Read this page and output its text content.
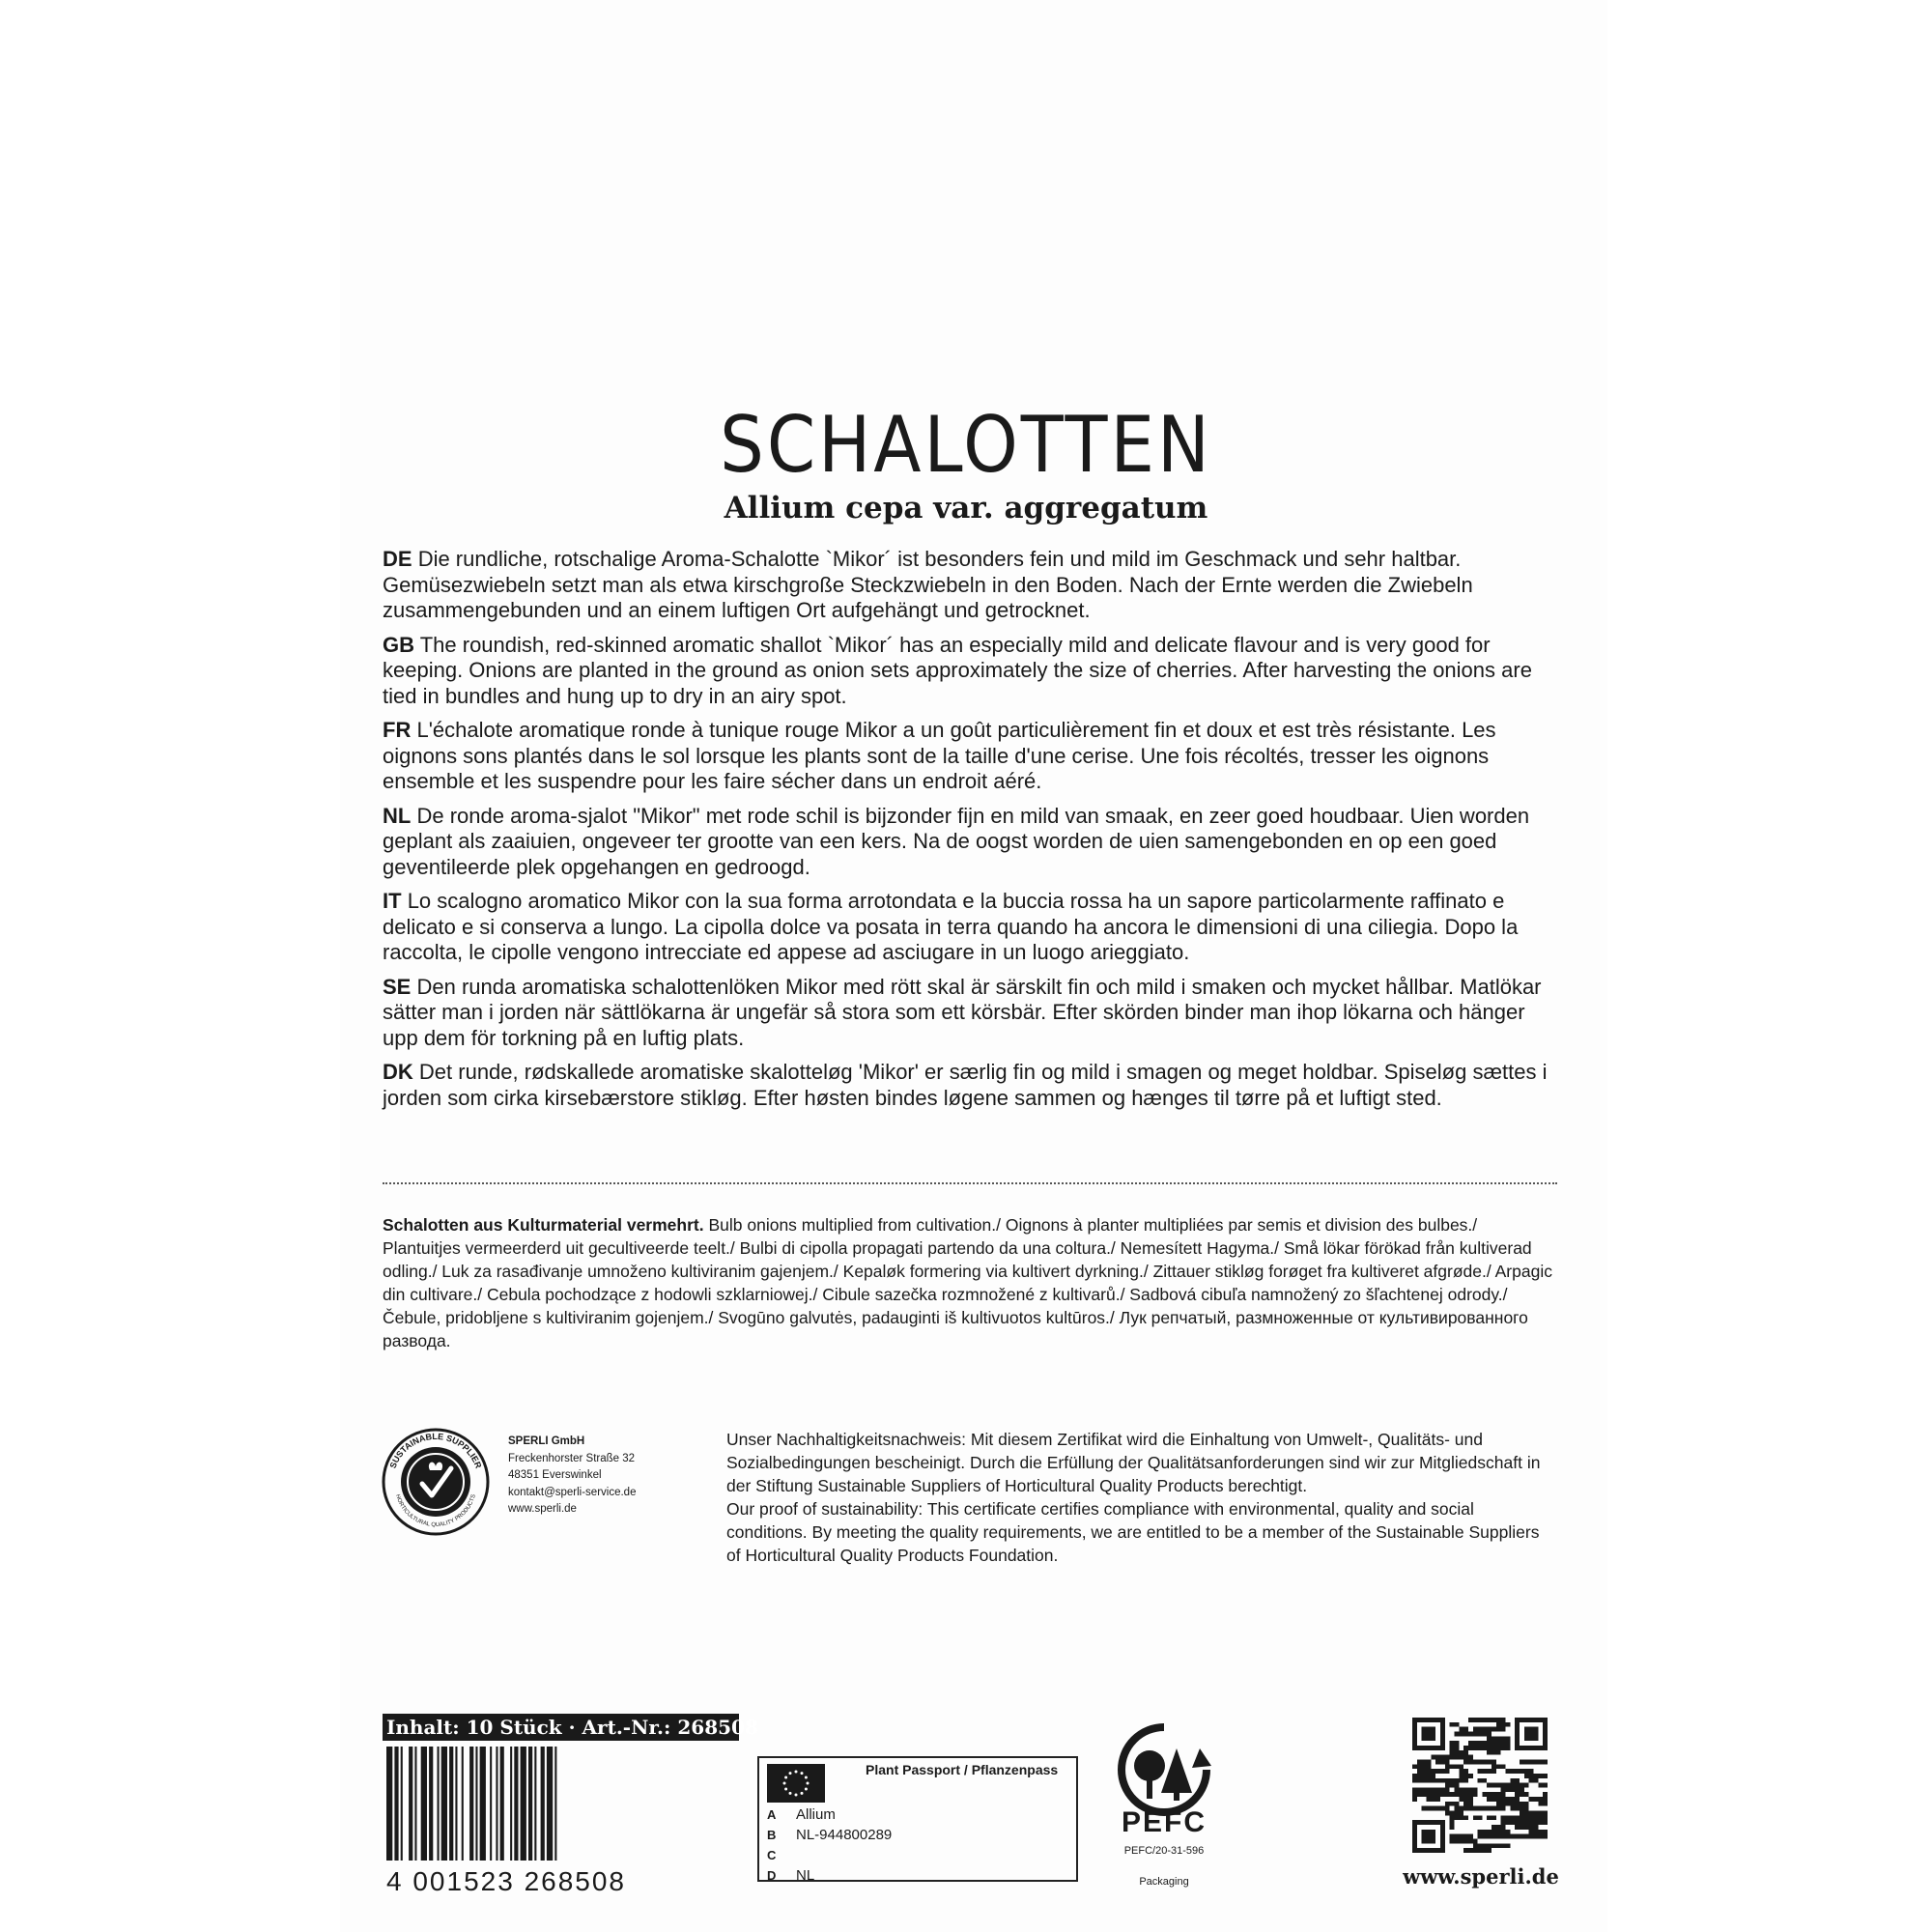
SCHALOTTEN
Allium cepa var. aggregatum

DE Die rundliche, rotschalige Aroma-Schalotte `Mikor´ ist besonders fein und mild im Geschmack und sehr haltbar. Gemüsezwiebeln setzt man als etwa kirschgroße Steckzwiebeln in den Boden. Nach der Ernte werden die Zwiebeln zusammengebunden und an einem luftigen Ort aufgehängt und getrocknet.

GB The roundish, red-skinned aromatic shallot `Mikor´ has an especially mild and delicate flavour and is very good for keeping. Onions are planted in the ground as onion sets approximately the size of cherries. After harvesting the onions are tied in bundles and hung up to dry in an airy spot.

FR L'échalote aromatique ronde à tunique rouge Mikor a un goût particulièrement fin et doux et est très résistante. Les oignons sons plantés dans le sol lorsque les plants sont de la taille d'une cerise. Une fois récoltés, tresser les oignons ensemble et les suspendre pour les faire sécher dans un endroit aéré.

NL De ronde aroma-sjalot "Mikor" met rode schil is bijzonder fijn en mild van smaak, en zeer goed houdbaar. Uien worden geplant als zaaiuien, ongeveer ter grootte van een kers. Na de oogst worden de uien samengebonden en op een goed geventileerde plek opgehangen en gedroogd.

IT Lo scalogno aromatico Mikor con la sua forma arrotondata e la buccia rossa ha un sapore particolarmente raffinato e delicato e si conserva a lungo. La cipolla dolce va posata in terra quando ha ancora le dimensioni di una ciliegia. Dopo la raccolta, le cipolle vengono intrecciate ed appese ad asciugare in un luogo arieggiato.

SE Den runda aromatiska schalottenlöken Mikor med rött skal är särskilt fin och mild i smaken och mycket hållbar. Matlökar sätter man i jorden när sättlökarna är ungefär så stora som ett körsbär. Efter skörden binder man ihop lökarna och hänger upp dem för torkning på en luftig plats.

DK Det runde, rødskallede aromatiske skalotteløg 'Mikor' er særlig fin og mild i smagen og meget holdbar. Spiseløg sættes i jorden som cirka kirsebærstore stikløg. Efter høsten bindes løgene sammen og hænges til tørre på et luftigt sted.

Schalotten aus Kulturmaterial vermehrt. Bulb onions multiplied from cultivation./ Oignons à planter multipliées par semis et division des bulbes./ Plantuitjes vermeerderd uit gecultiveerde teelt./ Bulbi di cipolla propagati partendo da una coltura./ Nemesített Hagyma./ Små lökar förökad från kultiverad odling./ Luk za rasađivanje umnoženo kultiviranim gajenjem./ Kepaløk formering via kultivert dyrkning./ Zittauer stikløg forøget fra kultiveret afgrøde./ Arpagic din cultivare./ Cebula pochodzące z hodowli szklarniowej./ Cibule sazečka rozmnožené z kultivarů./ Sadbová cibuľa namnožený zo šľachtenej odrody./ Čebule, pridobljene s kultiviranim gojenjem./ Svogūno galvutės, padauginti iš kultivuotos kultūros./ Лук репчатый, размноженные от культивированного развода.
SUSTAINABLE SUPPLIER
HORTICULTURAL QUALITY PRODUCTS
SPERLI GmbH
Freckenhorster Straße 32
48351 Everswinkel
kontakt@sperli-service.de
www.sperli.de
Unser Nachhaltigkeitsnachweis: Mit diesem Zertifikat wird die Einhaltung von Umwelt-, Qualitäts- und Sozialbedingungen bescheinigt. Durch die Erfüllung der Qualitätsanforderungen sind wir zur Mitgliedschaft in der Stiftung Sustainable Suppliers of Horticultural Quality Products berechtigt.
Our proof of sustainability: This certificate certifies compliance with environmental, quality and social conditions. By meeting the quality requirements, we are entitled to be a member of the Sustainable Suppliers of Horticultural Quality Products Foundation.
Inhalt: 10 Stück · Art.-Nr.: 268508
4 001523 268508
Plant Passport / Pflanzenpass
A Allium
B NL-944800289
C
D NL
PEFC
PEFC/20-31-596
Packaging	www.sperli.de
